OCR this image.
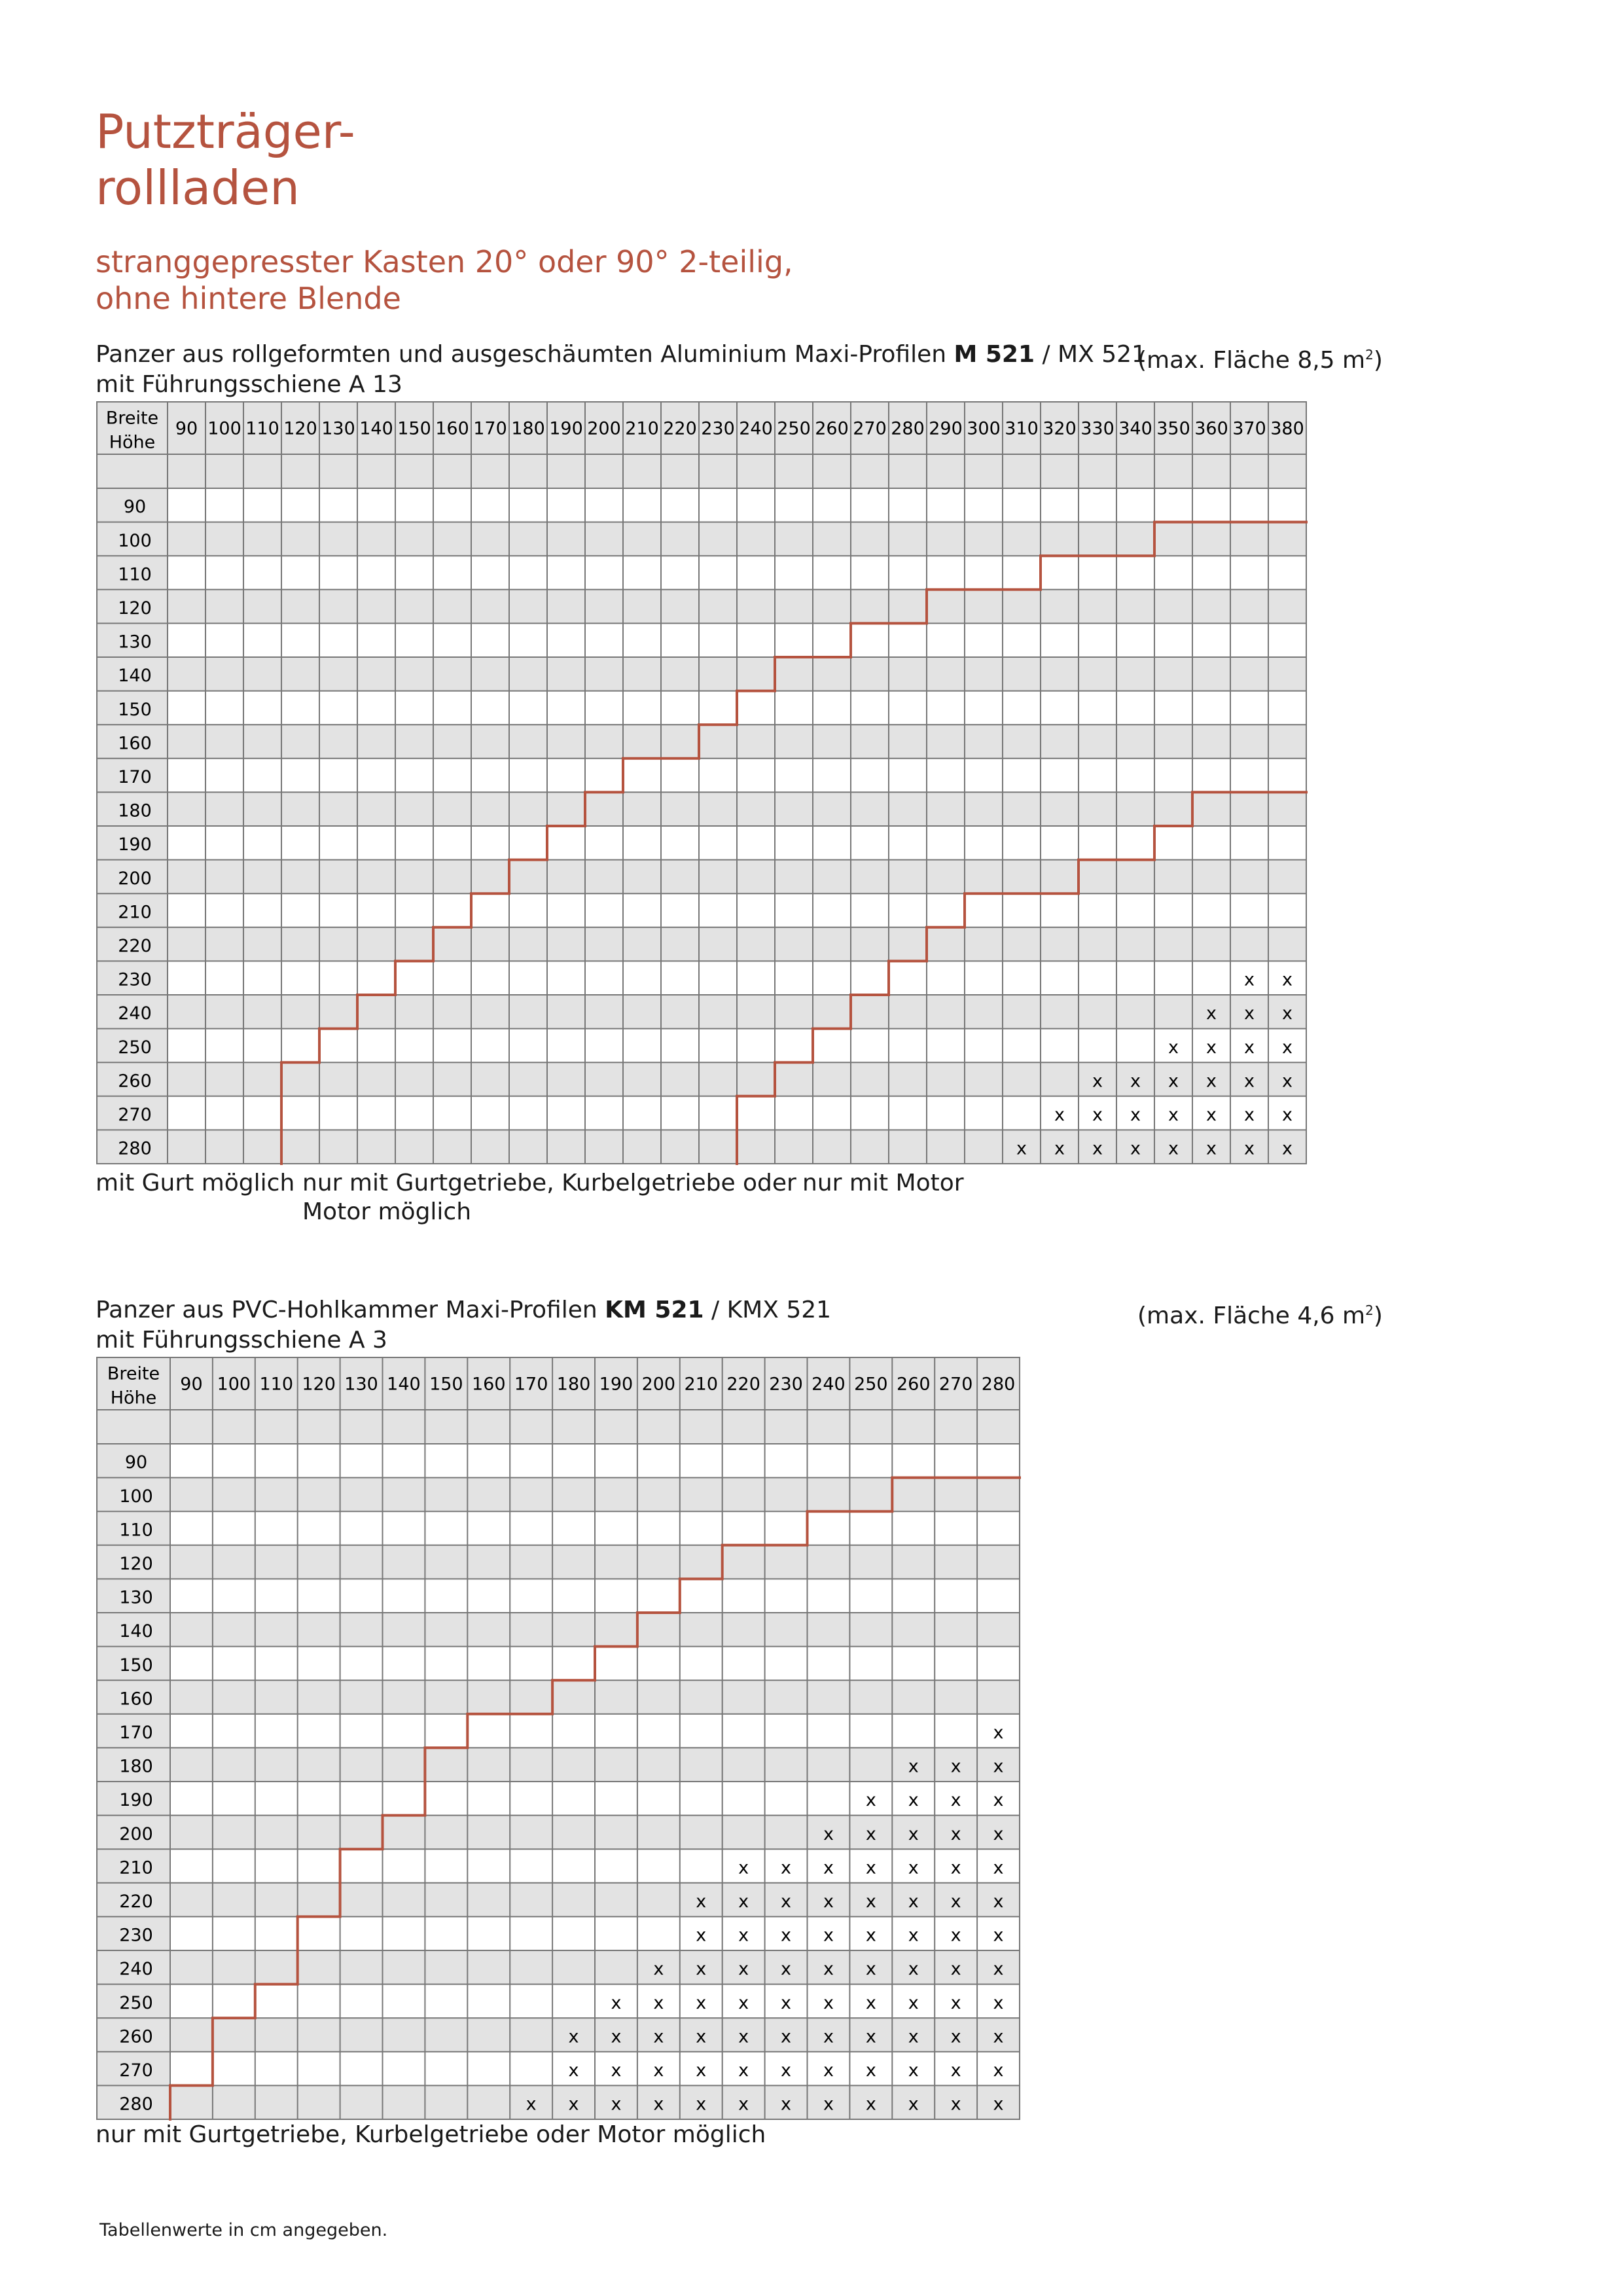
Putzträger-
rollladen
stranggepresster Kasten 20° oder 90° 2-teilig,
ohne hintere Blende
Panzer aus rollgeformten und ausgeschäumten Aluminium Maxi-Profilen M 521 / MX 521
(max. Fläche 8,5 $m^2$)
mit Führungsschiene A 13
Breite
Höhe
90 100 110 120 130 140 150 160 170 180 190 200 210 220 230 240 250 260 270 280 290 300 310 320 330 340 350 360 370 380
90
100
110
120
130
140
150
160
170
180
190
200
210
220
230
240
250
260
270
280
x x
x x x
x x x x
x x x x x x
x x x x x x x
x x x x x x x x
mit Gurt möglich nur mit Gurtgetriebe, Kurbelgetriebe oder
Motor möglich
nur mit Motor
Panzer aus PVC-Hohlkammer Maxi-Profilen KM 521 / KMX 521	(max. Fläche 4,6 $m^2$)
mit Führungsschiene A 3
Breite
Höhe
90 100 110 120 130 140 150 160 170 180 190 200 210 220 230 240 250 260 270 280
90
100
110
120
130
140
150
160
170
180
190
200
210
220
230
240
250
260
270
280
x
x x x
x x x x
x x x x x
x x x x x x x
x x x x x x x x
x x x x x x x x
x x x x x x x x x
x x x x x x x x x x
x x x x x x x x x x x
x x x x x x x x x x x
x x x x x x x x x x x x
nur mit Gurtgetriebe, Kurbelgetriebe oder Motor möglich
Tabellenwerte in cm angegeben.
